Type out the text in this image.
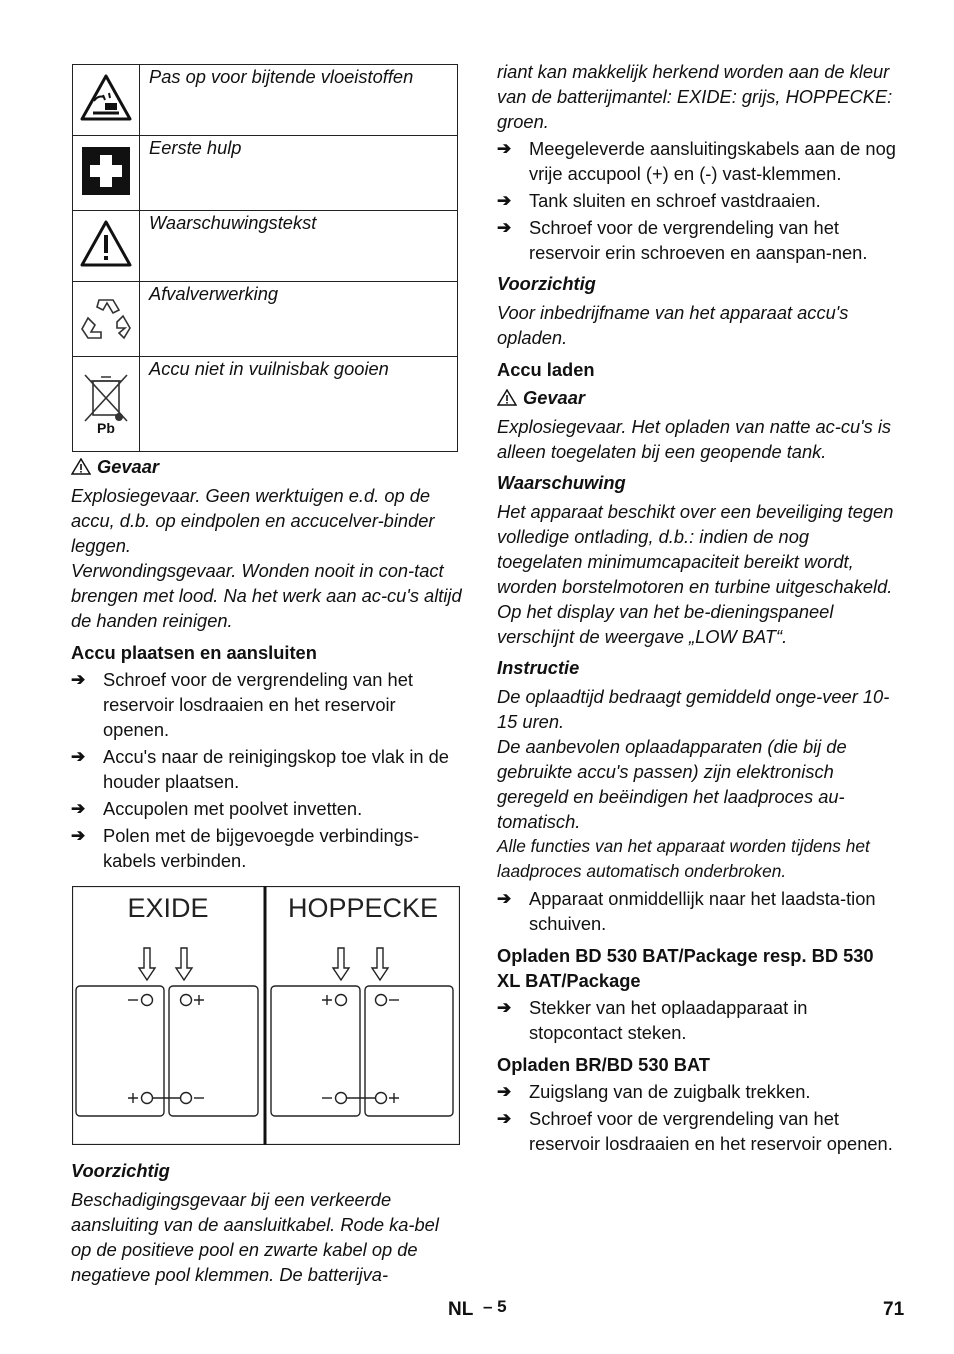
	Pas op voor bijtende vloeistoffen
	Eerste hulp
	Waarschuwingstekst
	Afvalverwerking

Pb	Accu niet in vuilnisbak gooien

Gevaar

Explosiegevaar. Geen werktuigen e.d. op de accu, d.b. op eindpolen en accucelver-binder leggen.

Verwondingsgevaar. Wonden nooit in con-tact brengen met lood. Na het werk aan ac-cu's altijd de handen reinigen.

Accu plaatsen en aansluiten

➔ Schroef voor de vergrendeling van het reservoir losdraaien en het reservoir openen.
➔ Accu's naar de reinigingskop toe vlak in de houder plaatsen.
➔ Accupolen met poolvet invetten.
➔ Polen met de bijgevoegde verbindings-kabels verbinden.
EXIDE	HOPPECKE

Voorzichtig

Beschadigingsgevaar bij een verkeerde aansluiting van de aansluitkabel. Rode ka-bel op de positieve pool en zwarte kabel op de negatieve pool klemmen. De batterijva-

riant kan makkelijk herkend worden aan de kleur van de batterijmantel: EXIDE: grijs, HOPPECKE: groen.

➔ Meegeleverde aansluitingskabels aan de nog vrije accupool (+) en (-) vast-klemmen.
➔ Tank sluiten en schroef vastdraaien.
➔ Schroef voor de vergrendeling van het reservoir erin schroeven en aanspan-nen.

Voorzichtig

Voor inbedrijfname van het apparaat accu's opladen.

Accu laden

Gevaar

Explosiegevaar. Het opladen van natte ac-cu's is alleen toegelaten bij een geopende tank.

Waarschuwing

Het apparaat beschikt over een beveiliging tegen volledige ontlading, d.b.: indien de nog toegelaten minimumcapaciteit bereikt wordt, worden borstelmotoren en turbine uitgeschakeld. Op het display van het be-dieningspaneel verschijnt de weergave „LOW BAT“.

Instructie

De oplaadtijd bedraagt gemiddeld onge-veer 10-15 uren.

De aanbevolen oplaadapparaten (die bij de gebruikte accu's passen) zijn elektronisch geregeld en beëindigen het laadproces au-tomatisch.

Alle functies van het apparaat worden tijdens het laadproces automatisch onderbroken.

➔ Apparaat onmiddellijk naar het laadsta-tion schuiven.

Opladen BD 530 BAT/Package resp. BD 530 XL BAT/Package

➔ Stekker van het oplaadapparaat in stopcontact steken.

Opladen BR/BD 530 BAT

➔ Zuigslang van de zuigbalk trekken.
➔ Schroef voor de vergrendeling van het reservoir losdraaien en het reservoir openen.
NL – 5	71
